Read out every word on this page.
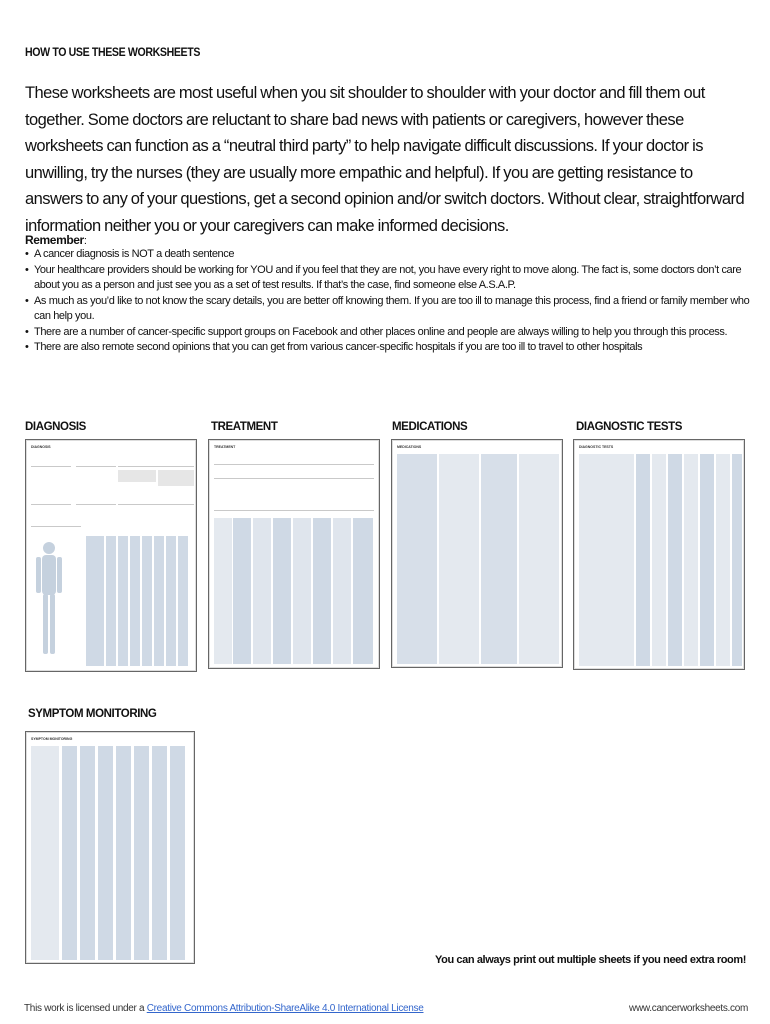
HOW TO USE THESE WORKSHEETS
These worksheets are most useful when you sit shoulder to shoulder with your doctor and fill them out together. Some doctors are reluctant to share bad news with patients or caregivers, however these worksheets can function as a “neutral third party” to help navigate difficult discussions. If your doctor is unwilling, try the nurses (they are usually more empathic and helpful). If you are getting resistance to answers to any of your questions, get a second opinion and/or switch doctors. Without clear, straightforward information neither you or your caregivers can make informed decisions.
Remember:
• A cancer diagnosis is NOT a death sentence
• Your healthcare providers should be working for YOU and if you feel that they are not, you have every right to move along. The fact is, some doctors don’t care about you as a person and just see you as a set of test results. If that’s the case, find someone else A.S.A.P.
• As much as you’d like to not know the scary details, you are better off knowing them. If you are too ill to manage this process, find a friend or family member who can help you.
• There are a number of cancer-specific support groups on Facebook and other places online and people are always willing to help you through this process.
• There are also remote second opinions that you can get from various cancer-specific hospitals if you are too ill to travel to other hospitals
DIAGNOSIS	TREATMENT	MEDICATIONS	DIAGNOSTIC TESTS
SYMPTOM MONITORING
DIAGNOSIS	TREATMENT	MEDICATIONS	DIAGNOSTIC TESTS
SYMPTOM MONITORING
You can always print out multiple sheets if you need extra room!
This work is licensed under a Creative Commons Attribution-ShareAlike 4.0 International License	www.cancerworksheets.com
